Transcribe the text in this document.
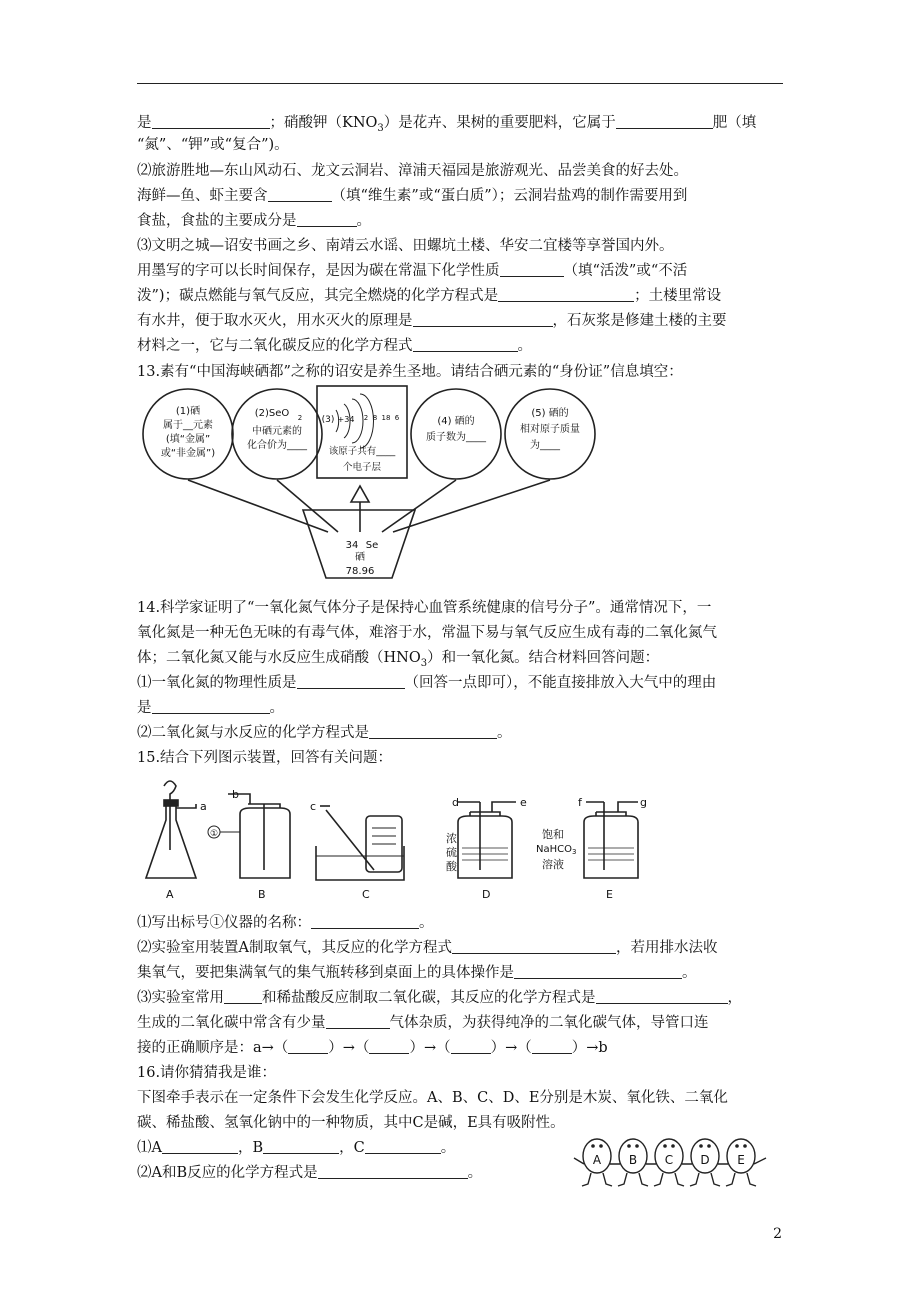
是	；硝酸钾$(KNO_3)$是花卉、果树的重要肥料，它属于	肥（填
“氮”、“钾”或“复合”)。
⑵旅游胜地—东山风动石、龙文云洞岩、漳浦天福园是旅游观光、品尝美食的好去处。
海鲜—鱼、虾主要含	（填“维生素”或“蛋白质”）；云洞岩盐鸡的制作需要用到
食盐，食盐的主要成分是	。
⑶文明之城—诏安书画之乡、南靖云水谣、田螺坑土楼、华安二宜楼等享誉国内外。
用墨写的字可以长时间保存，是因为碳在常温下化学性质	（填“活泼”或“不活
泼”)；碳点燃能与氧气反应，其完全燃烧的化学方程式是	；土楼里常设
有水井，便于取水灭火，用水灭火的原理是	，石灰浆是修建土楼的主要
材料之一，它与二氧化碳反应的化学方程式	。
13.素有“中国海峡硒都”之称的诏安是养生圣地。请结合硒元素的“身份证”信息填空：
(1)硒
属于__元素
(填“金属”
或“非金属”)
(2)SeO 2
中硒元素的
化合价为____
(3) +34 2 8 18 6
该原子共有____
个电子层
(4) 硒的
质子数为____
(5) 硒的
相对原子质量
为____
34 Se
硒
78.96
14.科学家证明了“一氧化氮气体分子是保持心血管系统健康的信号分子”。通常情况下，一
氧化氮是一种无色无味的有毒气体，难溶于水，常温下易与氧气反应生成有毒的二氧化氮气
体；二氧化氮又能与水反应生成硝酸$(HNO_3)$和一氧化氮。结合材料回答问题：
⑴一氧化氮的物理性质是	（回答一点即可），不能直接排放入大气中的理由
是	。
⑵二氧化氮与水反应的化学方程式是	。
15.结合下列图示装置，回答有关问题：
a
b
①
c	d	e	f	g
浓
硫
酸
饱和
NaHCO$_3$
溶液
A	B	C	D	E
⑴写出标号①仪器的名称：	。
⑵实验室用装置A制取氧气，其反应的化学方程式	，若用排水法收
集氧气，要把集满氧气的集气瓶转移到桌面上的具体操作是	。
⑶实验室常用	和稀盐酸反应制取二氧化碳，其反应的化学方程式是	，
生成的二氧化碳中常含有少量	气体杂质，为获得纯净的二氧化碳气体，导管口连
接的正确顺序是：a→（	）→（	）→（	）→（	）→b
16.请你猜猜我是谁：
下图牵手表示在一定条件下会发生化学反应。A、B、C、D、E分别是木炭、氧化铁、二氧化
碳、稀盐酸、氢氧化钠中的一种物质，其中C是碱，E具有吸附性。
⑴A	，B	，C	。
⑵A和B反应的化学方程式是	。
A B C D E
2
